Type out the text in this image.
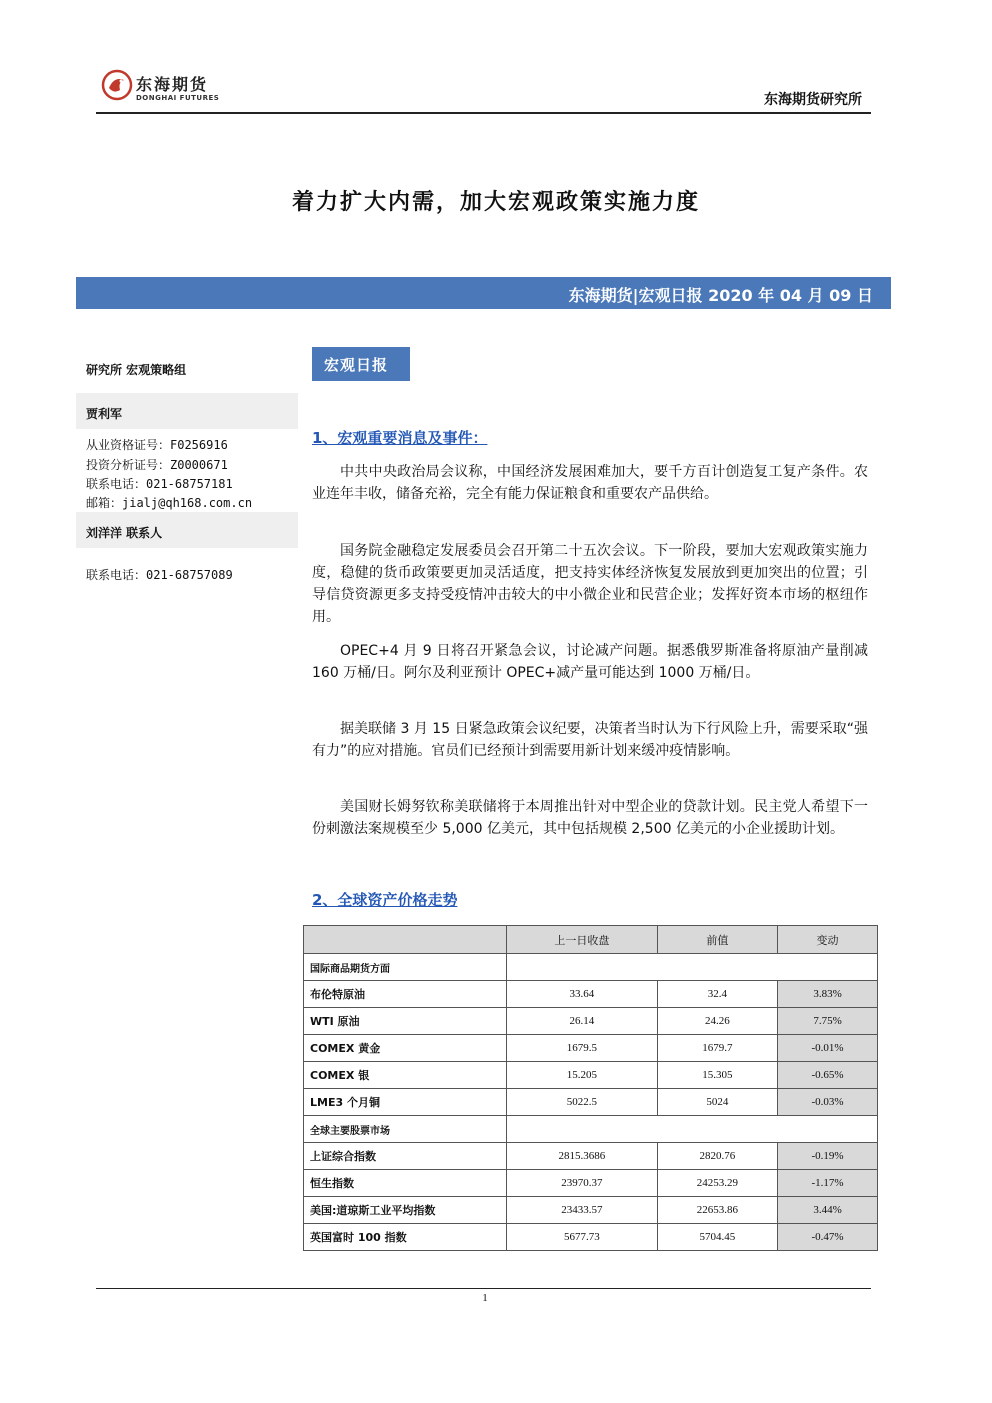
东海期货
DONGHAI FUTURES	东海期货研究所
着力扩大内需，加大宏观政策实施力度
东海期货|宏观日报 2020 年 04 月 09 日
研究所 宏观策略组
贾利军
从业资格证号：F0256916
投资分析证号：Z0000671
联系电话：021-68757181
邮箱：jialj@qh168.com.cn
刘洋洋 联系人
联系电话：021-68757089
宏观日报
1、宏观重要消息及事件：

中共中央政治局会议称，中国经济发展困难加大，要千方百计创造复工复产条件。农业连年丰收，储备充裕，完全有能力保证粮食和重要农产品供给。

国务院金融稳定发展委员会召开第二十五次会议。下一阶段，要加大宏观政策实施力度，稳健的货币政策要更加灵活适度，把支持实体经济恢复发展放到更加突出的位置；引导信贷资源更多支持受疫情冲击较大的中小微企业和民营企业；发挥好资本市场的枢纽作用。

OPEC+4 月 9 日将召开紧急会议，讨论减产问题。据悉俄罗斯准备将原油产量削减 160 万桶/日。阿尔及利亚预计 OPEC+减产量可能达到 1000 万桶/日。

据美联储 3 月 15 日紧急政策会议纪要，决策者当时认为下行风险上升，需要采取“强有力”的应对措施。官员们已经预计到需要用新计划来缓冲疫情影响。

美国财长姆努钦称美联储将于本周推出针对中型企业的贷款计划。民主党人希望下一份刺激法案规模至少 5,000 亿美元，其中包括规模 2,500 亿美元的小企业援助计划。

2、全球资产价格走势
	上一日收盘	前值	变动
国际商品期货方面			
布伦特原油	33.64	32.4	3.83%
WTI 原油	26.14	24.26	7.75%
COMEX 黄金	1679.5	1679.7	-0.01%
COMEX 银	15.205	15.305	-0.65%
LME3 个月铜	5022.5	5024	-0.03%
全球主要股票市场			
上证综合指数	2815.3686	2820.76	-0.19%
恒生指数	23970.37	24253.29	-1.17%
美国:道琼斯工业平均指数	23433.57	22653.86	3.44%
英国富时 100 指数	5677.73	5704.45	-0.47%
1
